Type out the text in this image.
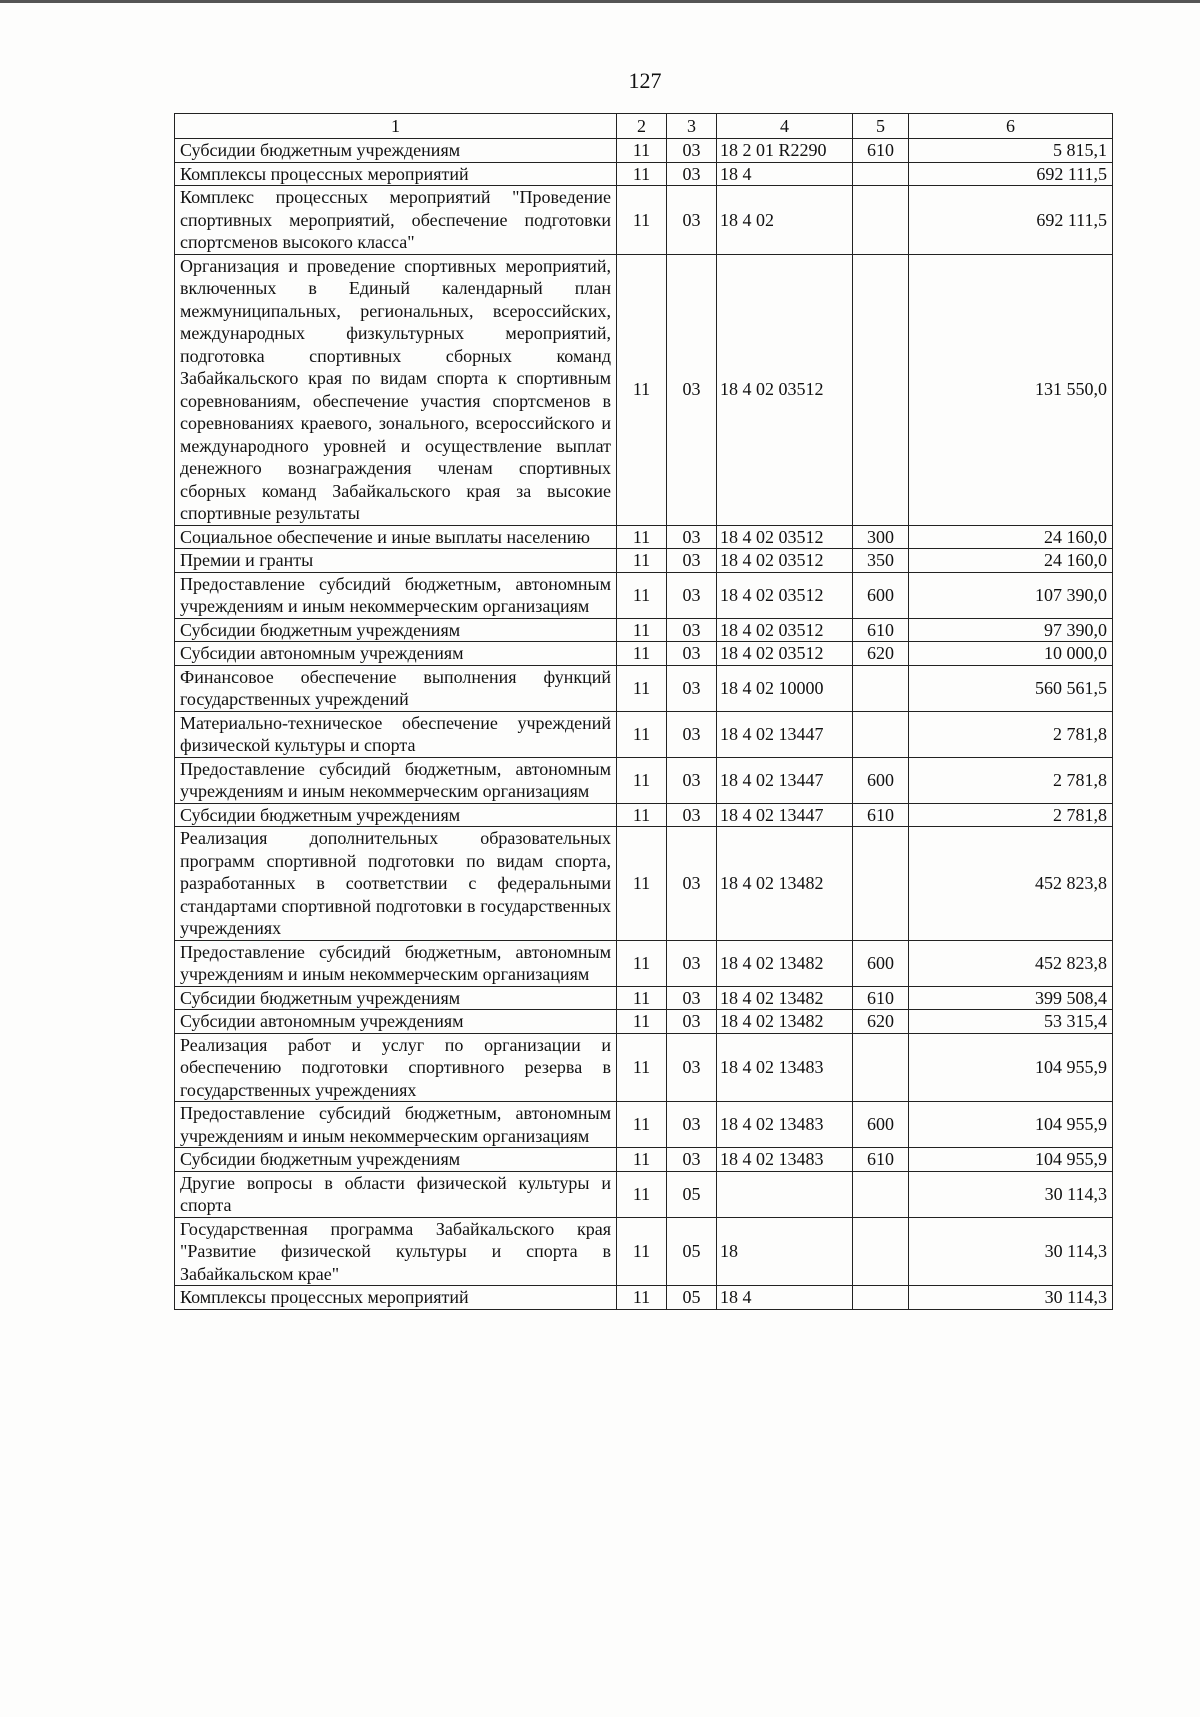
127
1	2	3	4	5	6
Субсидии бюджетным учреждениям	11	03	18 2 01 R2290	610	5 815,1
Комплексы процессных мероприятий	11	03	18 4		692 111,5
Комплекс процессных мероприятий "Проведение спортивных мероприятий, обеспечение подготовки спортсменов высокого класса"	11	03	18 4 02		692 111,5
Организация и проведение спортивных мероприятий, включенных в Единый календарный план межмуниципальных, региональных, всероссийских, международных физкультурных мероприятий, подготовка спортивных сборных команд Забайкальского края по видам спорта к спортивным соревнованиям, обеспечение участия спортсменов в соревнованиях краевого, зонального, всероссийского и международного уровней и осуществление выплат денежного вознаграждения членам спортивных сборных команд Забайкальского края за высокие спортивные результаты	11	03	18 4 02 03512		131 550,0
Социальное обеспечение и иные выплаты населению	11	03	18 4 02 03512	300	24 160,0
Премии и гранты	11	03	18 4 02 03512	350	24 160,0
Предоставление субсидий бюджетным, автономным учреждениям и иным некоммерческим организациям	11	03	18 4 02 03512	600	107 390,0
Субсидии бюджетным учреждениям	11	03	18 4 02 03512	610	97 390,0
Субсидии автономным учреждениям	11	03	18 4 02 03512	620	10 000,0
Финансовое обеспечение выполнения функций государственных учреждений	11	03	18 4 02 10000		560 561,5
Материально-техническое обеспечение учреждений физической культуры и спорта	11	03	18 4 02 13447		2 781,8
Предоставление субсидий бюджетным, автономным учреждениям и иным некоммерческим организациям	11	03	18 4 02 13447	600	2 781,8
Субсидии бюджетным учреждениям	11	03	18 4 02 13447	610	2 781,8
Реализация дополнительных образовательных программ спортивной подготовки по видам спорта, разработанных в соответствии с федеральными стандартами спортивной подготовки в государственных учреждениях	11	03	18 4 02 13482		452 823,8
Предоставление субсидий бюджетным, автономным учреждениям и иным некоммерческим организациям	11	03	18 4 02 13482	600	452 823,8
Субсидии бюджетным учреждениям	11	03	18 4 02 13482	610	399 508,4
Субсидии автономным учреждениям	11	03	18 4 02 13482	620	53 315,4
Реализация работ и услуг по организации и обеспечению подготовки спортивного резерва в государственных учреждениях	11	03	18 4 02 13483		104 955,9
Предоставление субсидий бюджетным, автономным учреждениям и иным некоммерческим организациям	11	03	18 4 02 13483	600	104 955,9
Субсидии бюджетным учреждениям	11	03	18 4 02 13483	610	104 955,9
Другие вопросы в области физической культуры и спорта	11	05			30 114,3
Государственная программа Забайкальского края "Развитие физической культуры и спорта в Забайкальском крае"	11	05	18		30 114,3
Комплексы процессных мероприятий	11	05	18 4		30 114,3
